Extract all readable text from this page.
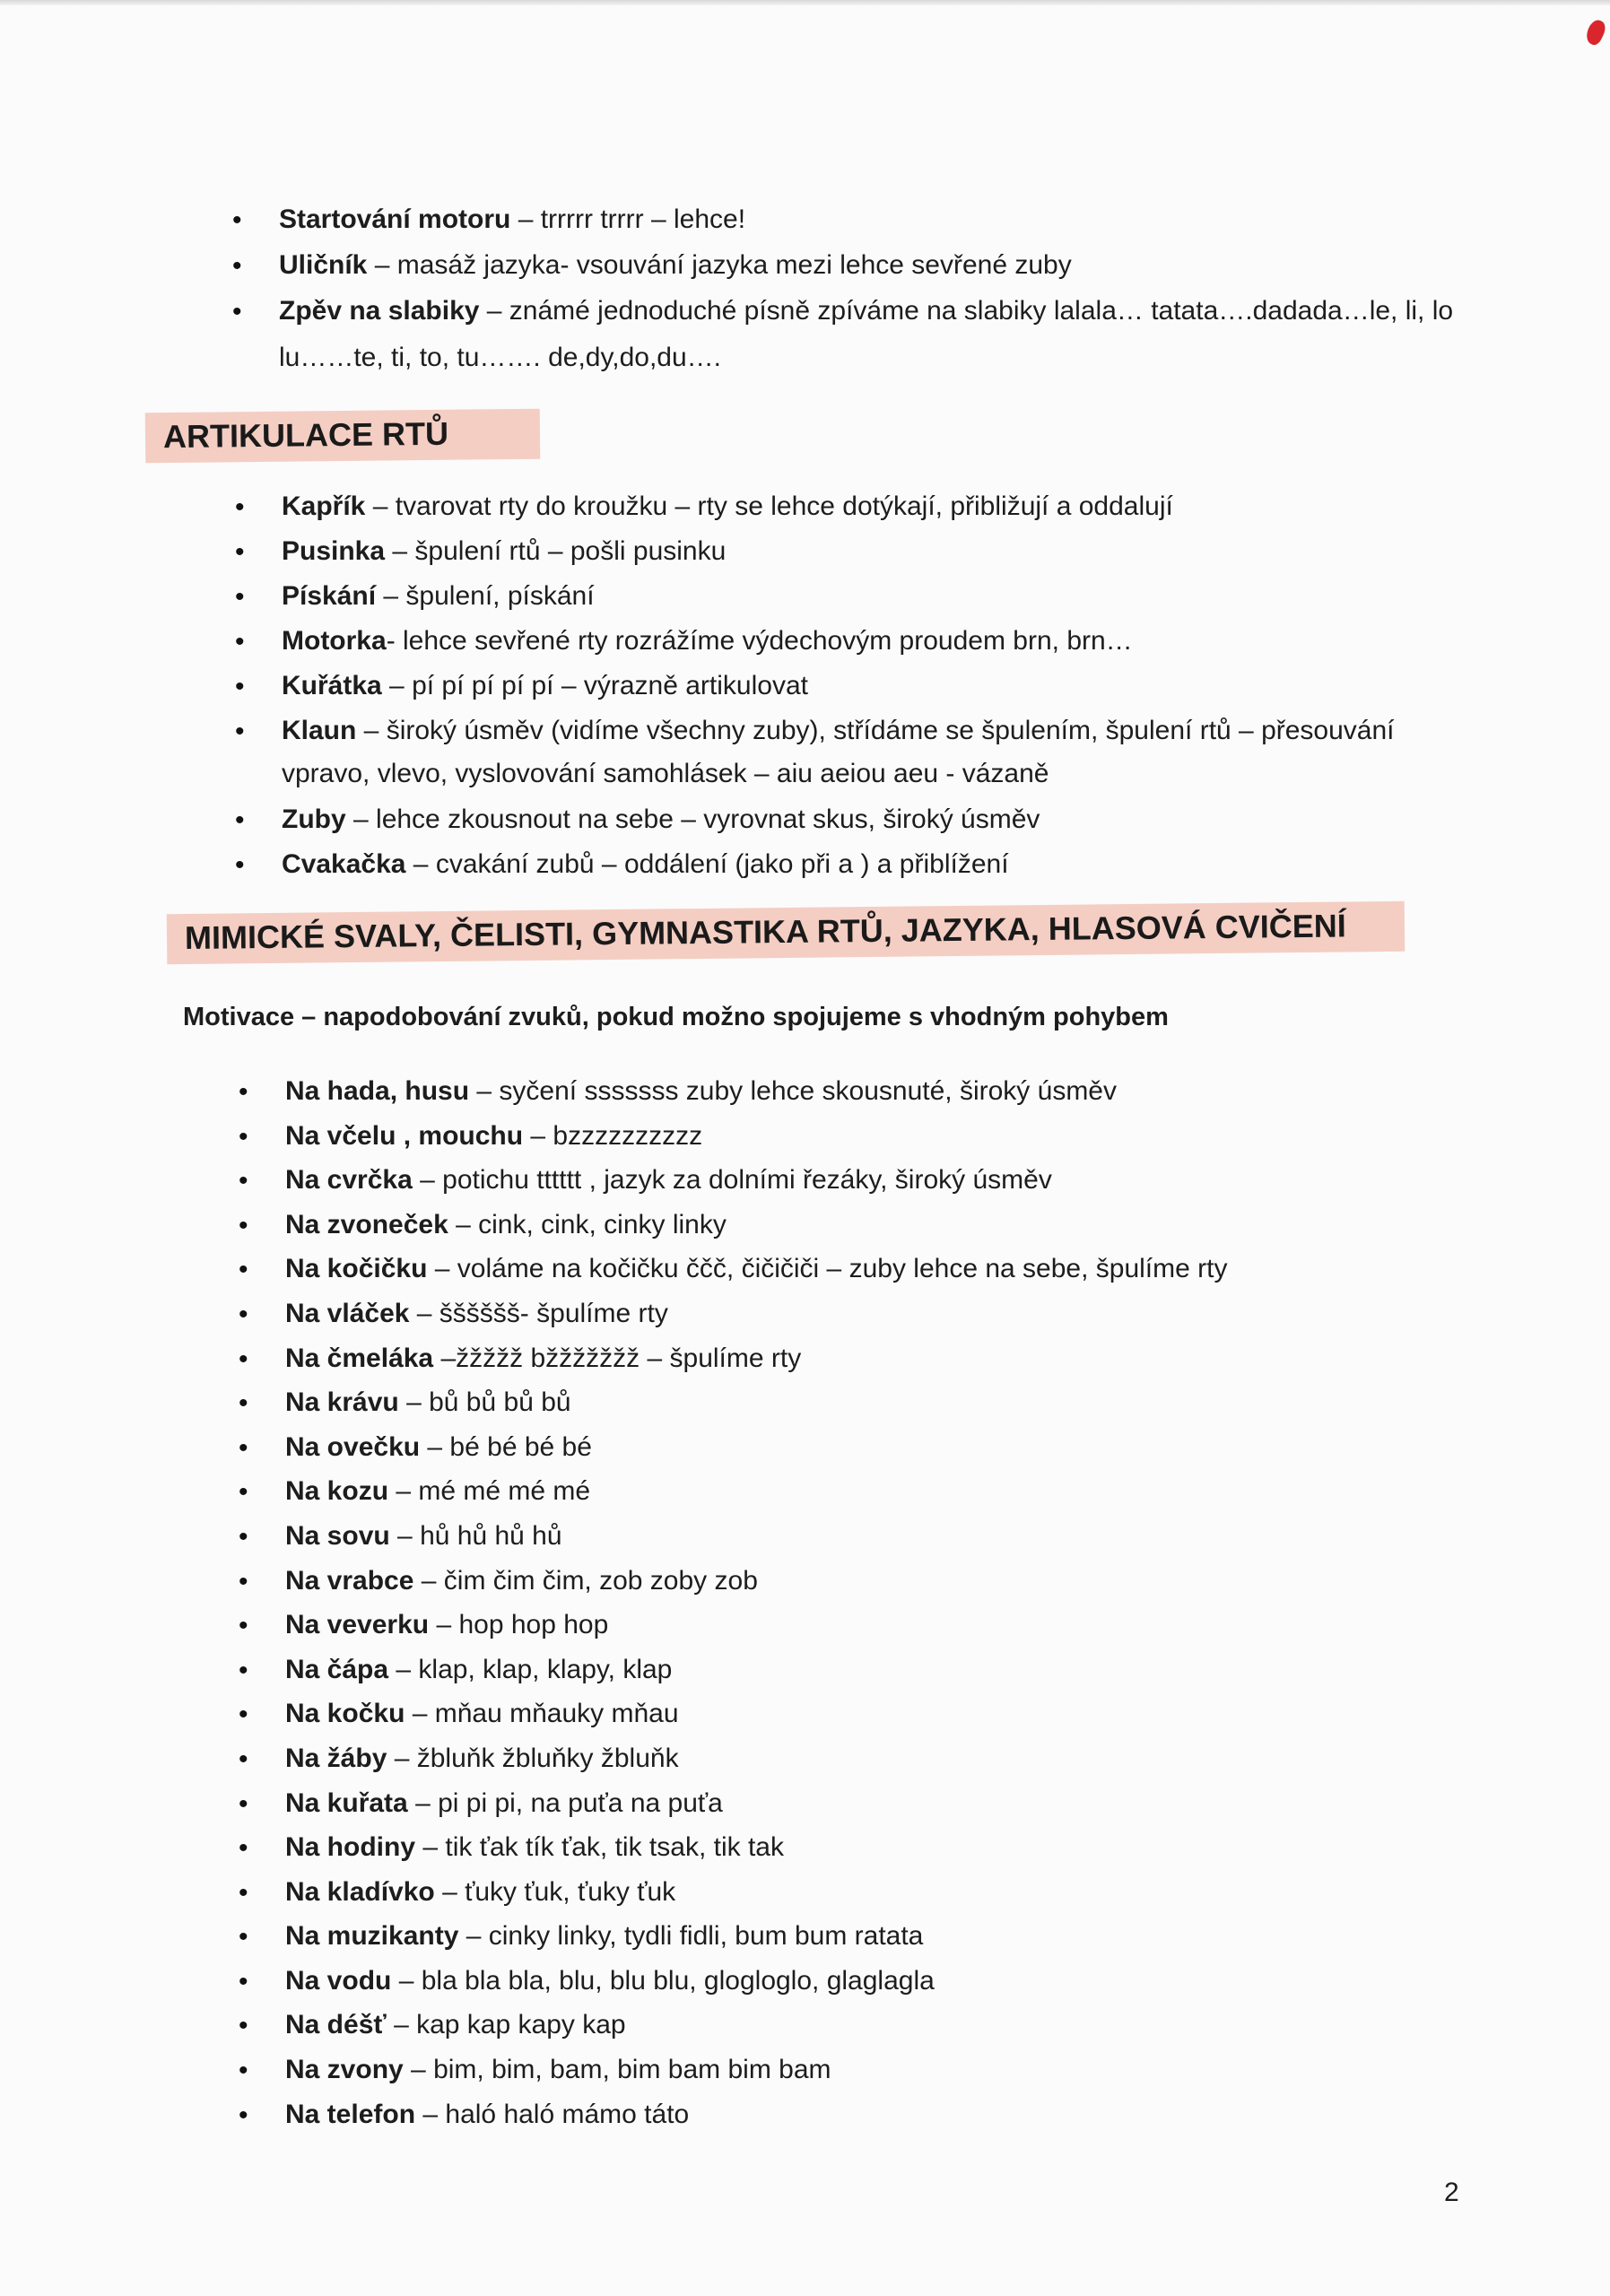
• Startování motoru – trrrrr trrrr – lehce!
• Uličník – masáž jazyka- vsouvání jazyka mezi lehce sevřené zuby
• Zpěv na slabiky – známé jednoduché písně zpíváme na slabiky lalala… tatata….dadada…le, li, lo lu……te, ti, to, tu……. de,dy,do,du….
ARTIKULACE RTŮ
• Kapřík – tvarovat rty do kroužku – rty se lehce dotýkají, přibližují a oddalují
• Pusinka – špulení rtů – pošli pusinku
• Pískání – špulení, pískání
• Motorka- lehce sevřené rty rozrážíme výdechovým proudem brn, brn…
• Kuřátka – pí pí pí pí pí – výrazně artikulovat
• Klaun – široký úsměv (vidíme všechny zuby), střídáme se špulením, špulení rtů – přesouvání vpravo, vlevo, vyslovování samohlásek – aiu aeiou aeu - vázaně
• Zuby – lehce zkousnout na sebe – vyrovnat skus, široký úsměv
• Cvakačka – cvakání zubů – oddálení (jako při a ) a přiblížení
MIMICKÉ SVALY, ČELISTI, GYMNASTIKA RTŮ, JAZYKA, HLASOVÁ CVIČENÍ
Motivace – napodobování zvuků, pokud možno spojujeme s vhodným pohybem
• Na hada, husu – syčení sssssss zuby lehce skousnuté, široký úsměv
• Na včelu , mouchu – bzzzzzzzzzz
• Na cvrčka – potichu tttttt , jazyk za dolními řezáky, široký úsměv
• Na zvoneček – cink, cink, cinky linky
• Na kočičku – voláme na kočičku ččč, čičičiči – zuby lehce na sebe, špulíme rty
• Na vláček – šššššš- špulíme rty
• Na čmeláka –žžžžž bžžžžžžž – špulíme rty
• Na krávu – bů bů bů bů
• Na ovečku – bé bé bé bé
• Na kozu – mé mé mé mé
• Na sovu – hů hů hů hů
• Na vrabce – čim čim čim, zob zoby zob
• Na veverku – hop hop hop
• Na čápa – klap, klap, klapy, klap
• Na kočku – mňau mňauky mňau
• Na žáby – žbluňk žbluňky žbluňk
• Na kuřata – pi pi pi, na puťa na puťa
• Na hodiny – tik ťak tík ťak, tik tsak, tik tak
• Na kladívko – ťuky ťuk, ťuky ťuk
• Na muzikanty – cinky linky, tydli fidli, bum bum ratata
• Na vodu – bla bla bla, blu, blu blu, glogloglo, glaglagla
• Na déšť – kap kap kapy kap
• Na zvony – bim, bim, bam, bim bam bim bam
• Na telefon – haló haló mámo táto
2
